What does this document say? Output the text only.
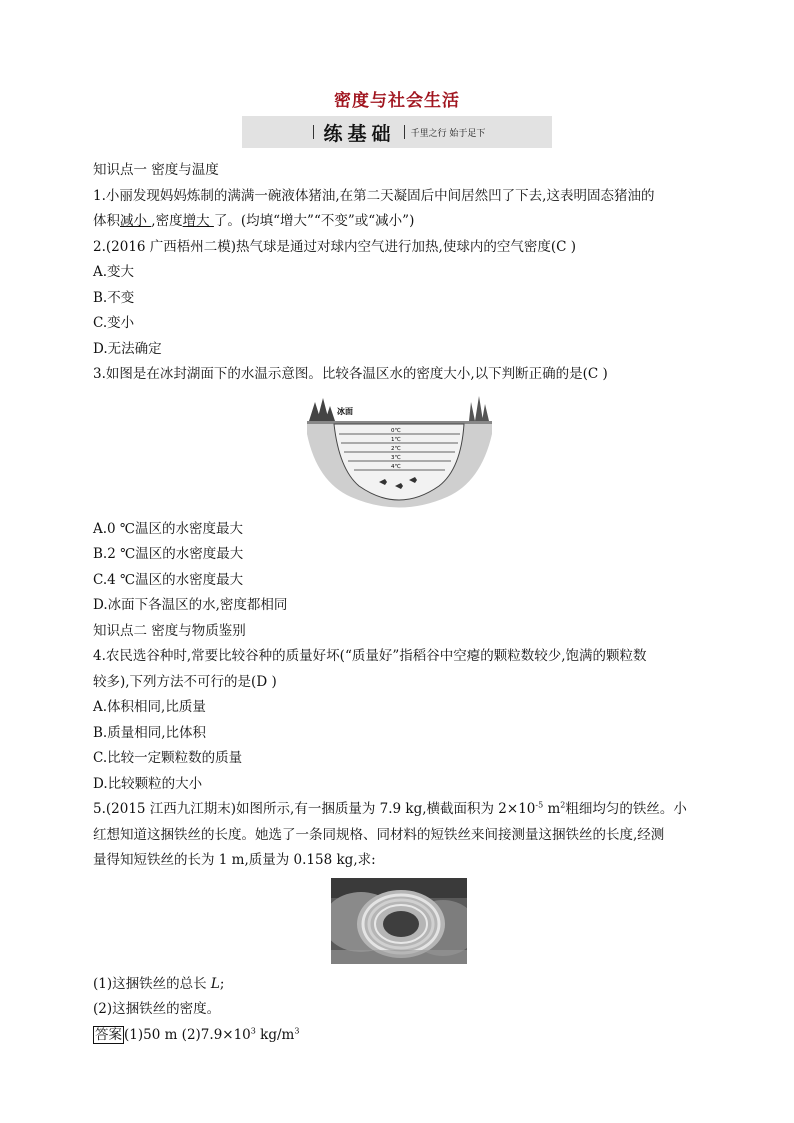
密度与社会生活
练基础 千里之行 始于足下
知识点一 密度与温度
1.小丽发现妈妈炼制的满满一碗液体猪油,在第二天凝固后中间居然凹了下去,这表明固态猪油的
体积减小 ,密度增大 了。(均填“增大”“不变”或“减小”)
2.(2016 广西梧州二模)热气球是通过对球内空气进行加热,使球内的空气密度(C )
A.变大
B.不变
C.变小
D.无法确定
3.如图是在冰封湖面下的水温示意图。比较各温区水的密度大小,以下判断正确的是(C )
0℃
1℃
2℃
3℃
4℃
冰面
A.0 ℃温区的水密度最大
B.2 ℃温区的水密度最大
C.4 ℃温区的水密度最大
D.冰面下各温区的水,密度都相同
知识点二 密度与物质鉴别
4.农民选谷种时,常要比较谷种的质量好坏(“质量好”指稻谷中空瘪的颗粒数较少,饱满的颗粒数
较多),下列方法不可行的是(D )
A.体积相同,比质量
B.质量相同,比体积
C.比较一定颗粒数的质量
D.比较颗粒的大小
5.(2015 江西九江期末)如图所示,有一捆质量为 7.9 kg,横截面积为 $2\times 10^{-5}$ $m^2$粗细均匀的铁丝。小
红想知道这捆铁丝的长度。她选了一条同规格、同材料的短铁丝来间接测量这捆铁丝的长度,经测
量得知短铁丝的长为 1 m,质量为 0.158 kg,求:
(1)这捆铁丝的总长 L;
(2)这捆铁丝的密度。
答案 (1)50 m $(2)7.9\times 10^3$ $kg/m^3$
